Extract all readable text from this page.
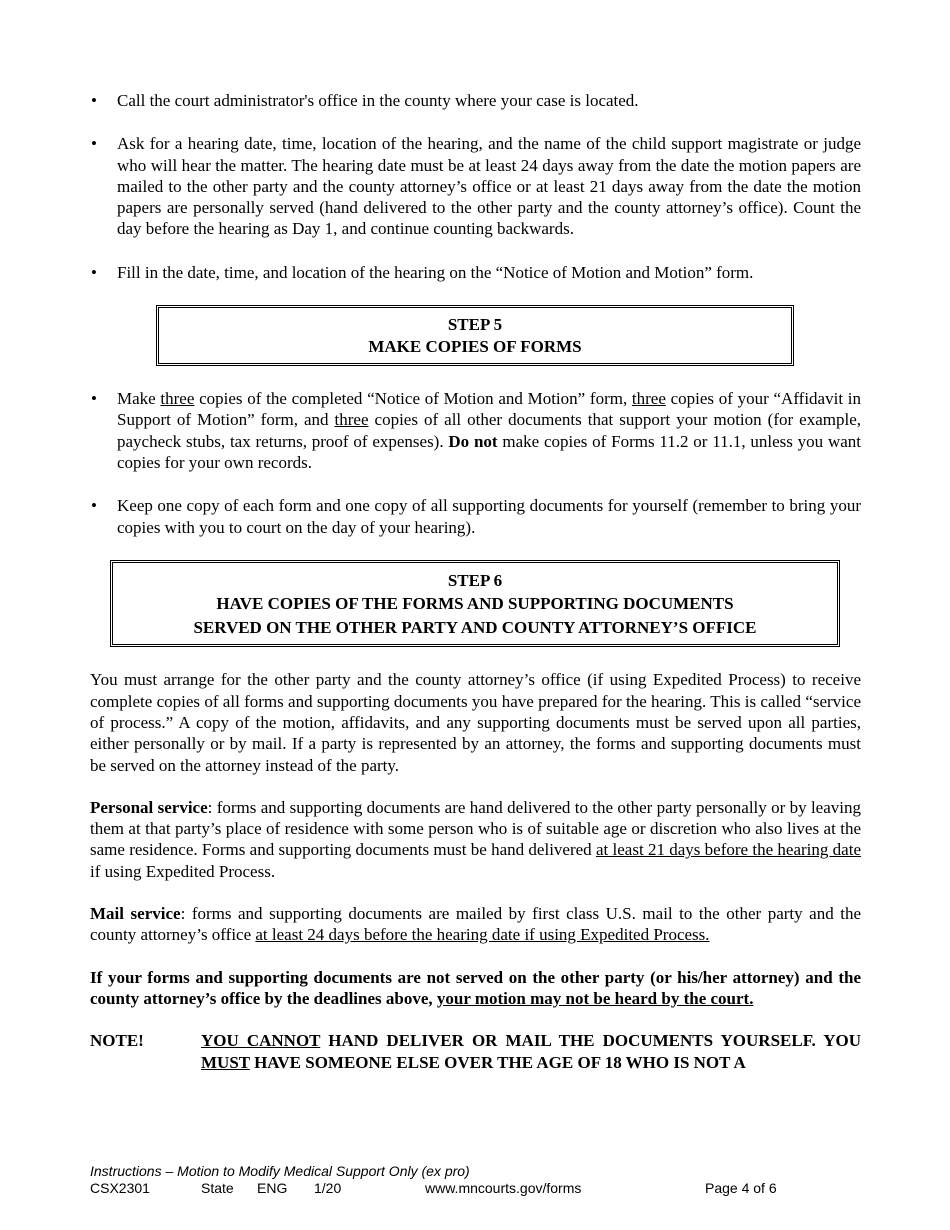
• Call the court administrator's office in the county where your case is located.
• Ask for a hearing date, time, location of the hearing, and the name of the child support magistrate or judge who will hear the matter. The hearing date must be at least 24 days away from the date the motion papers are mailed to the other party and the county attorney’s office or at least 21 days away from the date the motion papers are personally served (hand delivered to the other party and the county attorney’s office). Count the day before the hearing as Day 1, and continue counting backwards.
• Fill in the date, time, and location of the hearing on the “Notice of Motion and Motion” form.
STEP 5
MAKE COPIES OF FORMS
• Make three copies of the completed “Notice of Motion and Motion” form, three copies of your “Affidavit in Support of Motion” form, and three copies of all other documents that support your motion (for example, paycheck stubs, tax returns, proof of expenses). Do not make copies of Forms 11.2 or 11.1, unless you want copies for your own records.
• Keep one copy of each form and one copy of all supporting documents for yourself (remember to bring your copies with you to court on the day of your hearing).
STEP 6
HAVE COPIES OF THE FORMS AND SUPPORTING DOCUMENTS
SERVED ON THE OTHER PARTY AND COUNTY ATTORNEY’S OFFICE

You must arrange for the other party and the county attorney’s office (if using Expedited Process) to receive complete copies of all forms and supporting documents you have prepared for the hearing. This is called “service of process.” A copy of the motion, affidavits, and any supporting documents must be served upon all parties, either personally or by mail. If a party is represented by an attorney, the forms and supporting documents must be served on the attorney instead of the party.

Personal service: forms and supporting documents are hand delivered to the other party personally or by leaving them at that party’s place of residence with some person who is of suitable age or discretion who also lives at the same residence. Forms and supporting documents must be hand delivered at least 21 days before the hearing date if using Expedited Process.

Mail service: forms and supporting documents are mailed by first class U.S. mail to the other party and the county attorney’s office at least 24 days before the hearing date if using Expedited Process.

If your forms and supporting documents are not served on the other party (or his/her attorney) and the county attorney’s office by the deadlines above, your motion may not be heard by the court.

NOTE!	YOU CANNOT HAND DELIVER OR MAIL THE DOCUMENTS YOURSELF. YOU MUST HAVE SOMEONE ELSE OVER THE AGE OF 18 WHO IS NOT A
Instructions – Motion to Modify Medical Support Only (ex pro)
CSX2301	State ENG 1/20	www.mncourts.gov/forms	Page 4 of 6
